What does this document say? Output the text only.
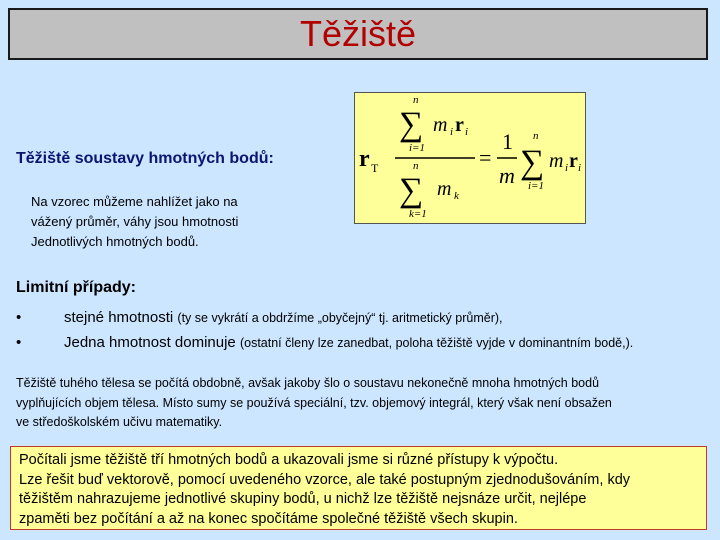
Těžiště
r T
n
∑
i=1
m i r i
n
∑
k=1
m k
=
1
m
n
∑
i=1
m i r i
Těžiště soustavy hmotných bodů:
Na vzorec můžeme nahlížet jako na
vážený průměr, váhy jsou hmotnosti
Jednotlivých hmotných bodů.
Limitní případy:
•	stejné hmotnosti (ty se vykrátí a obdržíme „obyčejný“ tj. aritmetický průměr),
•	Jedna hmotnost dominuje (ostatní členy lze zanedbat, poloha těžiště vyjde v dominantním bodě,).
Těžiště tuhého tělesa se počítá obdobně, avšak jakoby šlo o soustavu nekonečně mnoha hmotných bodů
vyplňujících objem tělesa. Místo sumy se používá speciální, tzv. objemový integrál, který však není obsažen
ve středoškolském učivu matematiky.
Počítali jsme těžiště tří hmotných bodů a ukazovali jsme si různé přístupy k výpočtu.
Lze řešit buď vektorově, pomocí uvedeného vzorce, ale také postupným zjednodušováním, kdy
těžištěm nahrazujeme jednotlivé skupiny bodů, u nichž lze těžiště nejsnáze určit, nejlépe
zpaměti bez počítání a až na konec spočítáme společné těžiště všech skupin.
